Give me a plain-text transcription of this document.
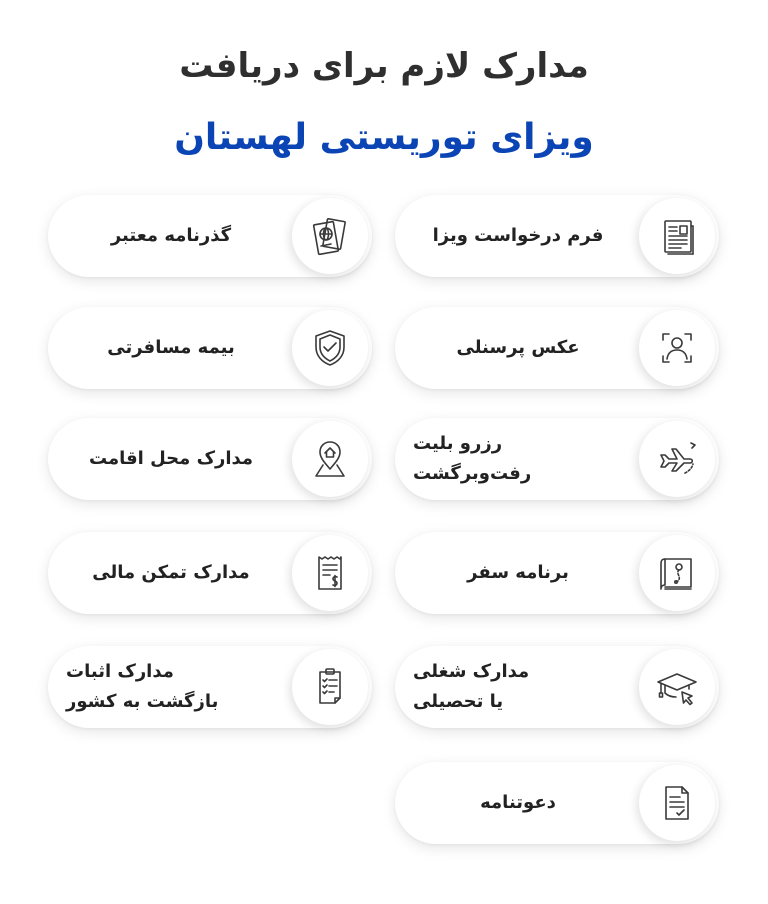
مدارک لازم برای دریافت
ویزای توریستی لهستان
فرم درخواست ویزا
گذرنامه معتبر
عکس پرسنلی
بیمه مسافرتی
رزرو بلیت
رفت‌وبرگشت
مدارک محل اقامت
برنامه سفر
مدارک تمکن مالی
مدارک شغلی
یا تحصیلی
مدارک اثبات
بازگشت به کشور
دعوتنامه
